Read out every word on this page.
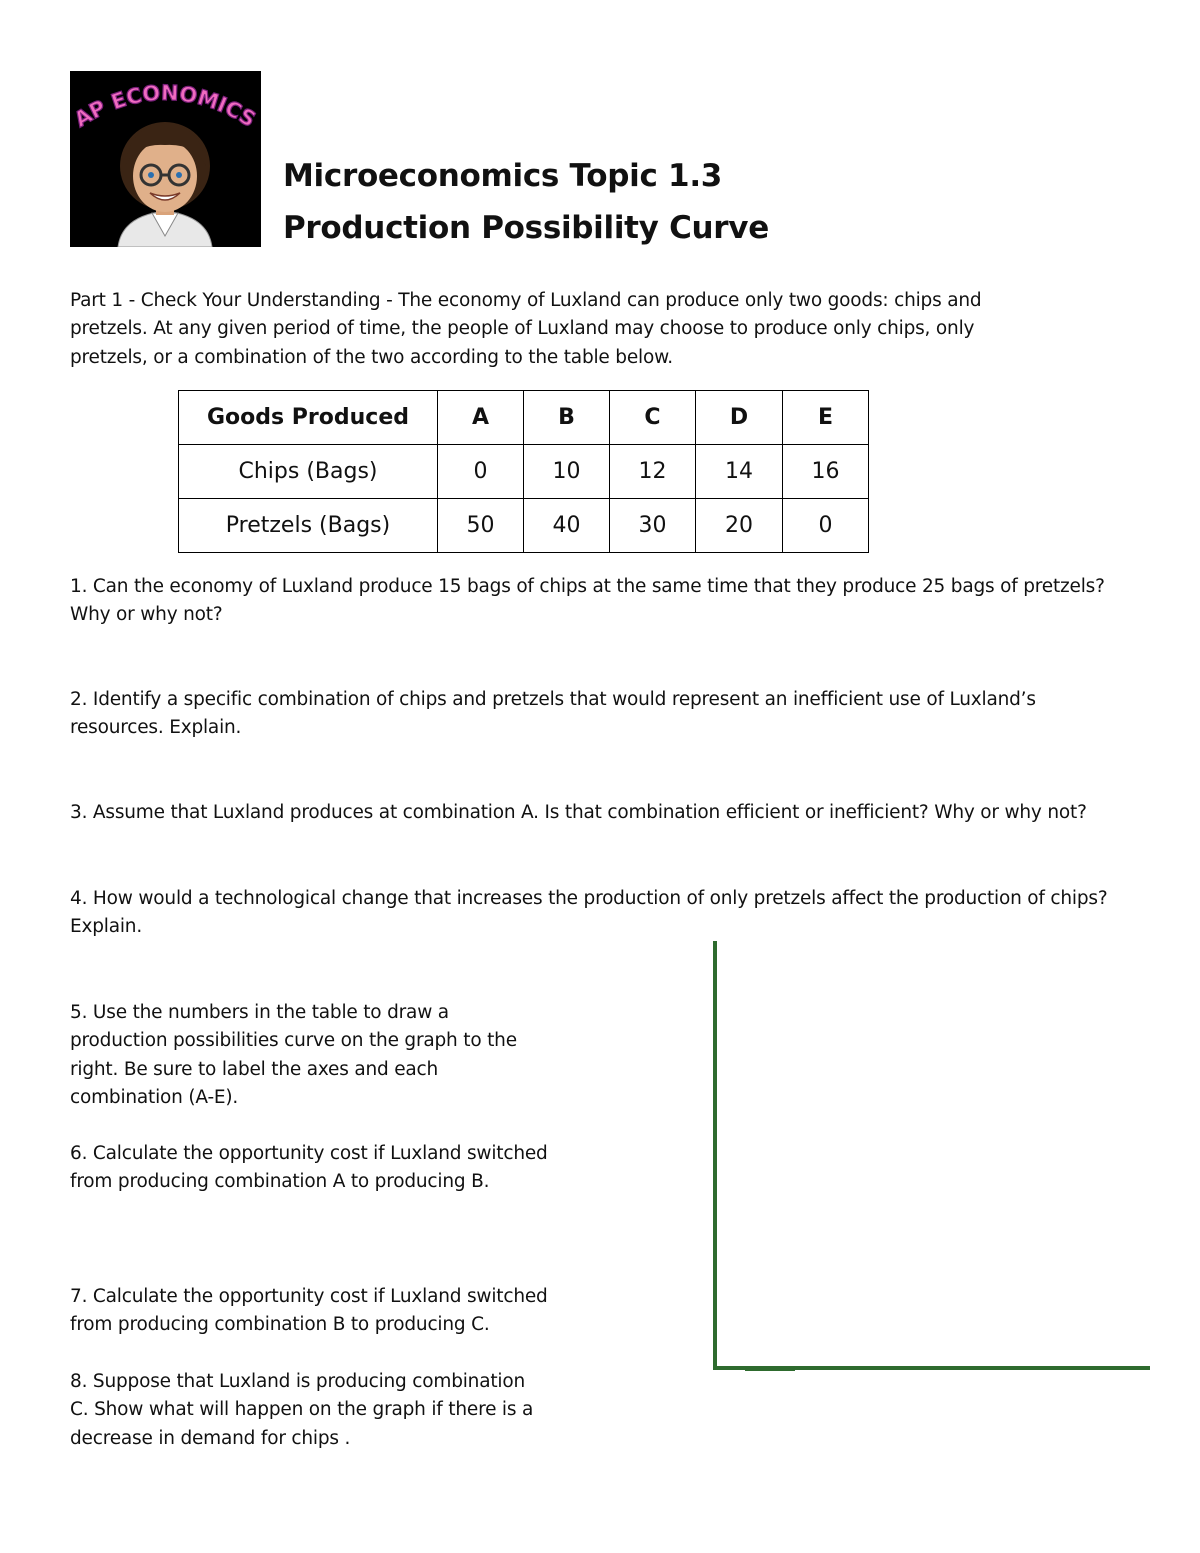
AP ECONOMICS
Microeconomics Topic 1.3
Production Possibility Curve

Part 1 - Check Your Understanding - The economy of Luxland can produce only two goods: chips and pretzels. At any given period of time, the people of Luxland may choose to produce only chips, only pretzels, or a combination of the two according to the table below.

Goods Produced	A	B	C	D	E
Chips (Bags)	0	10	12	14	16
Pretzels (Bags)	50	40	30	20	0

1. Can the economy of Luxland produce 15 bags of chips at the same time that they produce 25 bags of pretzels? Why or why not?

2. Identify a specific combination of chips and pretzels that would represent an inefficient use of Luxland’s resources. Explain.

3. Assume that Luxland produces at combination A. Is that combination efficient or inefficient? Why or why not?

4. How would a technological change that increases the production of only pretzels affect the production of chips? Explain.

5. Use the numbers in the table to draw a production possibilities curve on the graph to the right. Be sure to label the axes and each combination (A-E).

6. Calculate the opportunity cost if Luxland switched from producing combination A to producing B.

7. Calculate the opportunity cost if Luxland switched from producing combination B to producing C.

8. Suppose that Luxland is producing combination C. Show what will happen on the graph if there is a decrease in demand for chips .
